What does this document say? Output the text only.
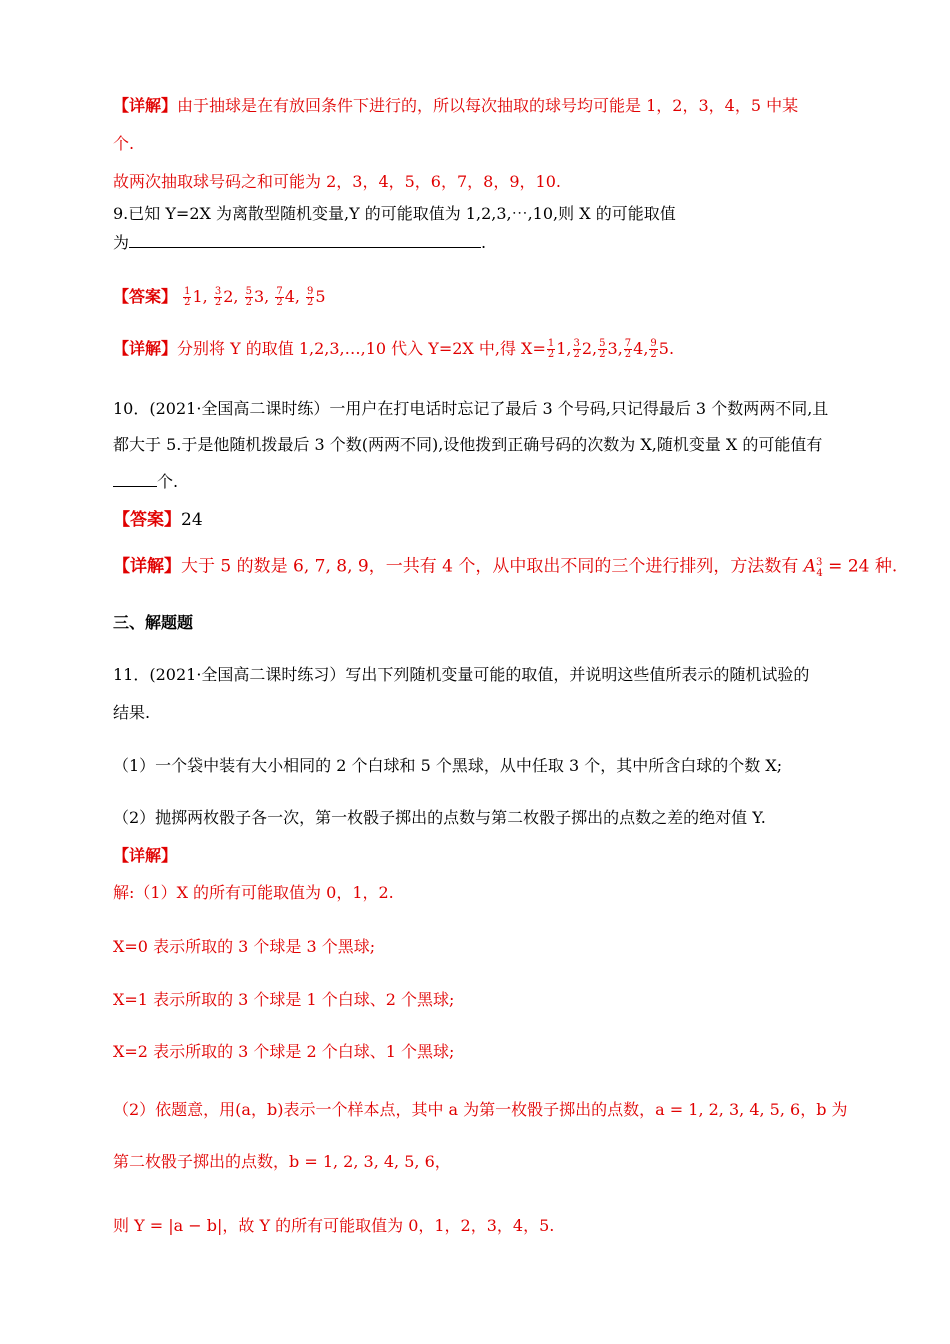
【详解】由于抽球是在有放回条件下进行的，所以每次抽取的球号均可能是 1，2，3，4，5 中某
个.
故两次抽取球号码之和可能为 2，3，4，5，6，7，8，9，10.
9.已知 Y=2X 为离散型随机变量,Y 的可能取值为 1,2,3,⋯,10,则 X 的可能取值
为	.
【答案】 $\frac{1}{2} 1$, $\frac{3}{2} 2$, $\frac{5}{2} 3$, $\frac{7}{2} 4$, $\frac{9}{2} 5$
【详解】分别将 Y 的取值 1,2,3,…,10 代入 Y=2X 中,得 $X= \frac{1}{2} 1$, $\frac{3}{2} 2$, $\frac{5}{2} 3$, $\frac{7}{2} 4$, $\frac{9}{2} 5$.
10．(2021·全国高二课时练）一用户在打电话时忘记了最后 3 个号码,只记得最后 3 个数两两不同,且
都大于 5.于是他随机拨最后 3 个数(两两不同),设他拨到正确号码的次数为 X,随机变量 X 的可能值有
个.
【答案】24
【详解】大于 5 的数是 6, 7, 8, 9，一共有 4 个，从中取出不同的三个进行排列，方法数有 $A^3_4 = 24$ 种.
三、解题题
11．(2021·全国高二课时练习）写出下列随机变量可能的取值，并说明这些值所表示的随机试验的
结果.
（1）一个袋中装有大小相同的 2 个白球和 5 个黑球，从中任取 3 个，其中所含白球的个数 X;
（2）抛掷两枚骰子各一次，第一枚骰子掷出的点数与第二枚骰子掷出的点数之差的绝对值 Y.
【详解】
解:（1）X 的所有可能取值为 0，1，2.
X=0 表示所取的 3 个球是 3 个黑球;
X=1 表示所取的 3 个球是 1 个白球、2 个黑球;
X=2 表示所取的 3 个球是 2 个白球、1 个黑球;
（2）依题意，用(a，b)表示一个样本点，其中 a 为第一枚骰子掷出的点数，a = 1, 2, 3, 4, 5, 6，b 为
第二枚骰子掷出的点数，b = 1, 2, 3, 4, 5, 6，
则 Y = |a − b|，故 Y 的所有可能取值为 0，1，2，3，4，5.
